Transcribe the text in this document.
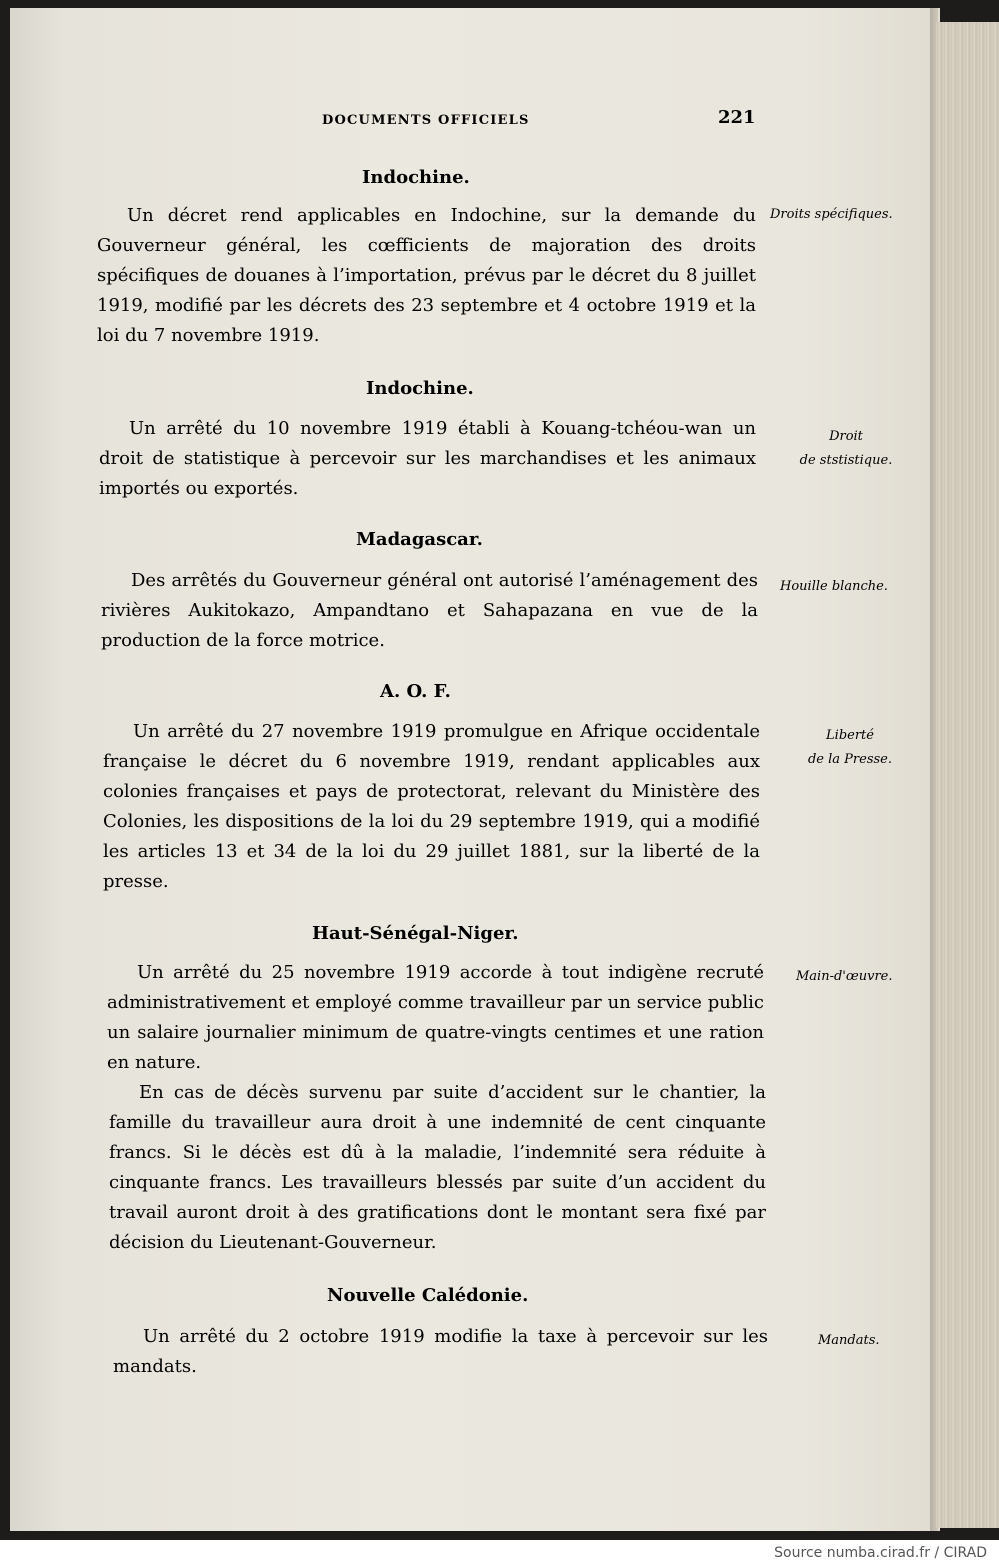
DOCUMENTS OFFICIELS	221
Indochine.

Un décret rend applicables en Indochine, sur la demande du Gouverneur général, les cœfficients de majoration des droits spécifiques de douanes à l’importation, prévus par le décret du 8 juillet 1919, modifié par les décrets des 23 septembre et 4 octobre 1919 et la loi du 7 novembre 1919.

Droits spécifiques.

Indochine.

Un arrêté du 10 novembre 1919 établi à Kouang-tchéou-wan un droit de statistique à percevoir sur les marchandises et les animaux importés ou exportés.

Droit
de ststistique.
Madagascar.

Des arrêtés du Gouverneur général ont autorisé l’aménagement des rivières Aukitokazo, Ampandtano et Sahapazana en vue de la production de la force motrice.

Houille blanche.

A. O. F.

Un arrêté du 27 novembre 1919 promulgue en Afrique occidentale française le décret du 6 novembre 1919, rendant applicables aux colonies françaises et pays de protectorat, relevant du Ministère des Colonies, les dispositions de la loi du 29 septembre 1919, qui a modifié les articles 13 et 34 de la loi du 29 juillet 1881, sur la liberté de la presse.

Liberté
de la Presse.
Haut-Sénégal-Niger.

Un arrêté du 25 novembre 1919 accorde à tout indigène recruté administrativement et employé comme travailleur par un service public un salaire journalier minimum de quatre-vingts centimes et une ration en nature.

En cas de décès survenu par suite d’accident sur le chantier, la famille du travailleur aura droit à une indemnité de cent cinquante francs. Si le décès est dû à la maladie, l’indemnité sera réduite à cinquante francs. Les travailleurs blessés par suite d’un accident du travail auront droit à des gratifications dont le montant sera fixé par décision du Lieutenant-Gouverneur.

Main-d'œuvre.

Nouvelle Calédonie.

Un arrêté du 2 octobre 1919 modifie la taxe à percevoir sur les mandats.

Mandats.

Source numba.cirad.fr / CIRAD
